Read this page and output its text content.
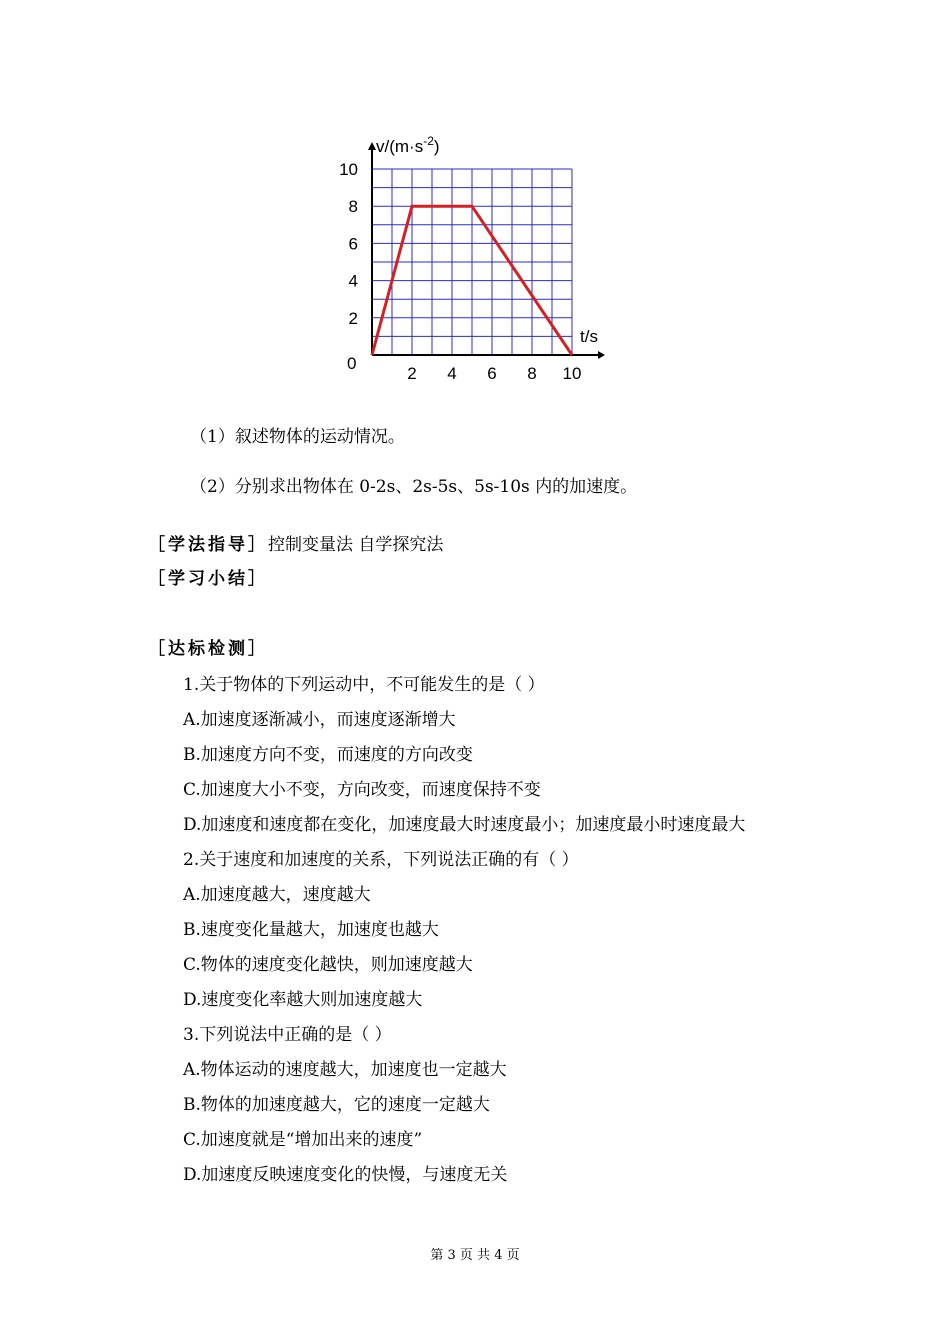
2 4 6 8 10
2
4
6
8
10
$v/(m\cdot s^{-2})$
t/s
0
（1）叙述物体的运动情况。
（2）分别求出物体在 0-2s、2s-5s、5s-10s 内的加速度。
［学法指导］控制变量法 自学探究法
［学习小结］
［达标检测］
1.关于物体的下列运动中，不可能发生的是（ ）
A.加速度逐渐减小，而速度逐渐增大
B.加速度方向不变，而速度的方向改变
C.加速度大小不变，方向改变，而速度保持不变
D.加速度和速度都在变化，加速度最大时速度最小；加速度最小时速度最大
2.关于速度和加速度的关系，下列说法正确的有（ ）
A.加速度越大，速度越大
B.速度变化量越大，加速度也越大
C.物体的速度变化越快，则加速度越大
D.速度变化率越大则加速度越大
3.下列说法中正确的是（ ）
A.物体运动的速度越大，加速度也一定越大
B.物体的加速度越大，它的速度一定越大
C.加速度就是“增加出来的速度”
D.加速度反映速度变化的快慢，与速度无关
第 3 页 共 4 页
